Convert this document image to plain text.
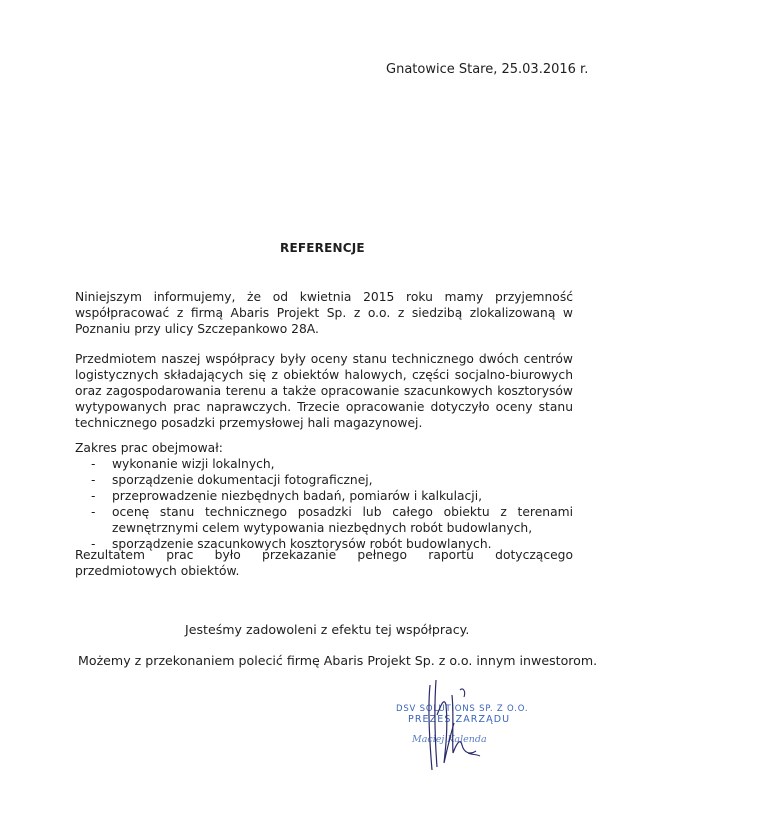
Gnatowice Stare, 25.03.2016 r.
REFERENCJE

Niniejszym informujemy, że od kwietnia 2015 roku mamy przyjemność współpracować z firmą Abaris Projekt Sp. z o.o. z siedzibą zlokalizowaną w Poznaniu przy ulicy Szczepankowo 28A.

Przedmiotem naszej współpracy były oceny stanu technicznego dwóch centrów logistycznych składających się z obiektów halowych, części socjalno-biurowych oraz zagospodarowania terenu a także opracowanie szacunkowych kosztorysów wytypowanych prac naprawczych. Trzecie opracowanie dotyczyło oceny stanu technicznego posadzki przemysłowej hali magazynowej.

Zakres prac obejmował:
- wykonanie wizji lokalnych,
- sporządzenie dokumentacji fotograficznej,
- przeprowadzenie niezbędnych badań, pomiarów i kalkulacji,
- ocenę stanu technicznego posadzki lub całego obiektu z terenami zewnętrznymi celem wytypowania niezbędnych robót budowlanych,
- sporządzenie szacunkowych kosztorysów robót budowlanych.

Rezultatem prac było przekazanie pełnego raportu dotyczącego przedmiotowych obiektów.

Jesteśmy zadowoleni z efektu tej współpracy.
Możemy z przekonaniem polecić firmę Abaris Projekt Sp. z o.o. innym inwestorom.
DSV SOLUTIONS SP. Z O.O.
PREZES ZARZĄDU
Maciej Kalenda
